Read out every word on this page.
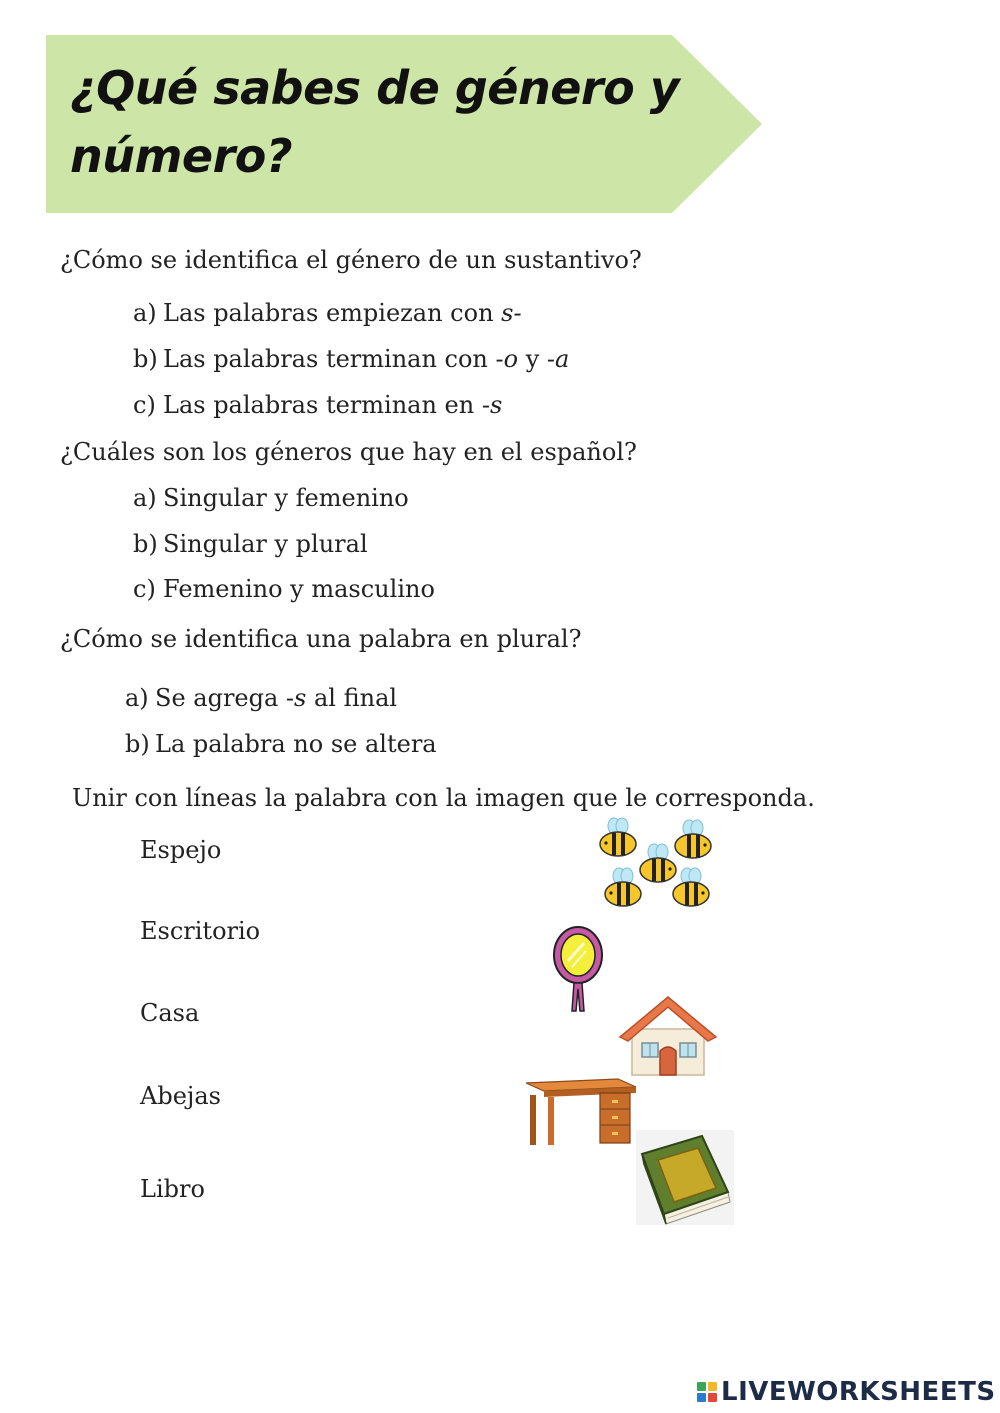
¿Qué sabes de género y número?
¿Cómo se identifica el género de un sustantivo?
a) Las palabras empiezan con s-
b) Las palabras terminan con -o y -a
c) Las palabras terminan en -s
¿Cuáles son los géneros que hay en el español?
a) Singular y femenino
b) Singular y plural
c) Femenino y masculino
¿Cómo se identifica una palabra en plural?
a) Se agrega -s al final
b) La palabra no se altera
Unir con líneas la palabra con la imagen que le corresponda.
Espejo
Escritorio
Casa
Abejas
Libro
LIVEWORKSHEETS
